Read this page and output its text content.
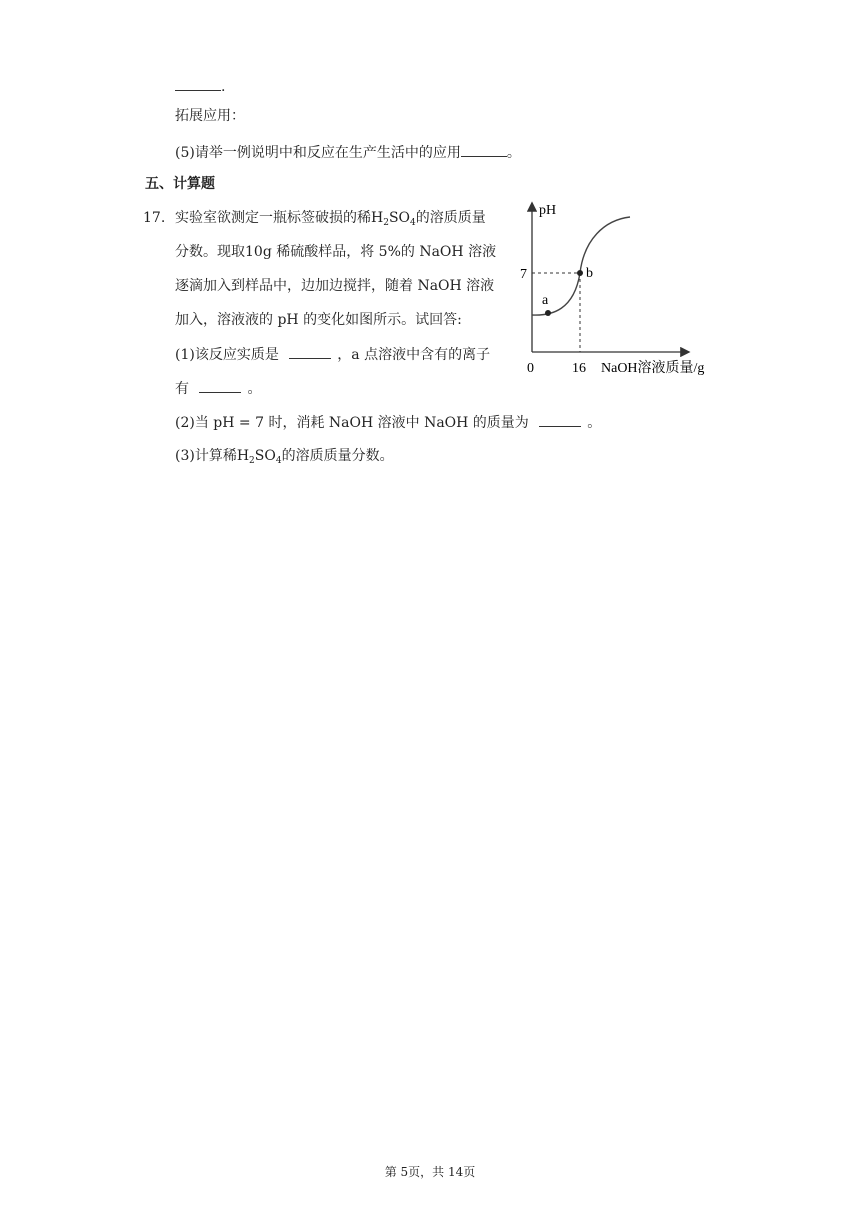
.
拓展应用：
(5)请举一例说明中和反应在生产生活中的应用	。
五、计算题
17. 实验室欲测定一瓶标签破损的稀$H_2SO_4$的溶质质量
分数。现取10g 稀硫酸样品，将 5%的 NaOH 溶液
逐滴加入到样品中，边加边搅拌，随着 NaOH 溶液
加入，溶液液的 pH 的变化如图所示。试回答:
(1)该反应实质是	，a 点溶液中含有的离子
有	。
(2)当 pH = 7 时，消耗 NaOH 溶液中 NaOH 的质量为	。
(3)计算稀$H_2SO_4$的溶质质量分数。
pH
7
0	16 NaOH溶液质量/g
a
b
第 5页，共 14页
